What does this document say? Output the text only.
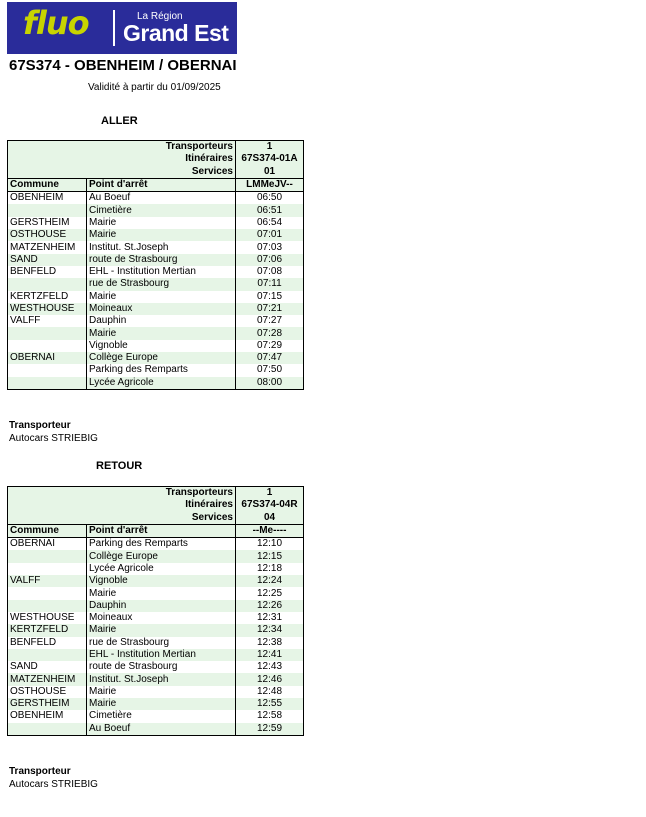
fluo	La Région
Grand Est
67S374 - OBENHEIM / OBERNAI
Validité à partir du 01/09/2025
ALLER
Transporteurs		1
Itinéraires		67S374-01A
Services		01
Commune	Point d'arrêt	LMMeJV--
OBENHEIM	Au Boeuf	06:50
	Cimetière	06:51
GERSTHEIM	Mairie	06:54
OSTHOUSE	Mairie	07:01
MATZENHEIM	Institut. St.Joseph	07:03
SAND	route de Strasbourg	07:06
BENFELD	EHL - Institution Mertian	07:08
	rue de Strasbourg	07:11
KERTZFELD	Mairie	07:15
WESTHOUSE	Moineaux	07:21
VALFF	Dauphin	07:27
	Mairie	07:28
	Vignoble	07:29
OBERNAI	Collège Europe	07:47
	Parking des Remparts	07:50
	Lycée Agricole	08:00
Transporteur
Autocars STRIEBIG
RETOUR
Transporteurs		1
Itinéraires		67S374-04R
Services		04
Commune	Point d'arrêt	--Me----
OBERNAI	Parking des Remparts	12:10
	Collège Europe	12:15
	Lycée Agricole	12:18
VALFF	Vignoble	12:24
	Mairie	12:25
	Dauphin	12:26
WESTHOUSE	Moineaux	12:31
KERTZFELD	Mairie	12:34
BENFELD	rue de Strasbourg	12:38
	EHL - Institution Mertian	12:41
SAND	route de Strasbourg	12:43
MATZENHEIM	Institut. St.Joseph	12:46
OSTHOUSE	Mairie	12:48
GERSTHEIM	Mairie	12:55
OBENHEIM	Cimetière	12:58
	Au Boeuf	12:59
Transporteur
Autocars STRIEBIG
